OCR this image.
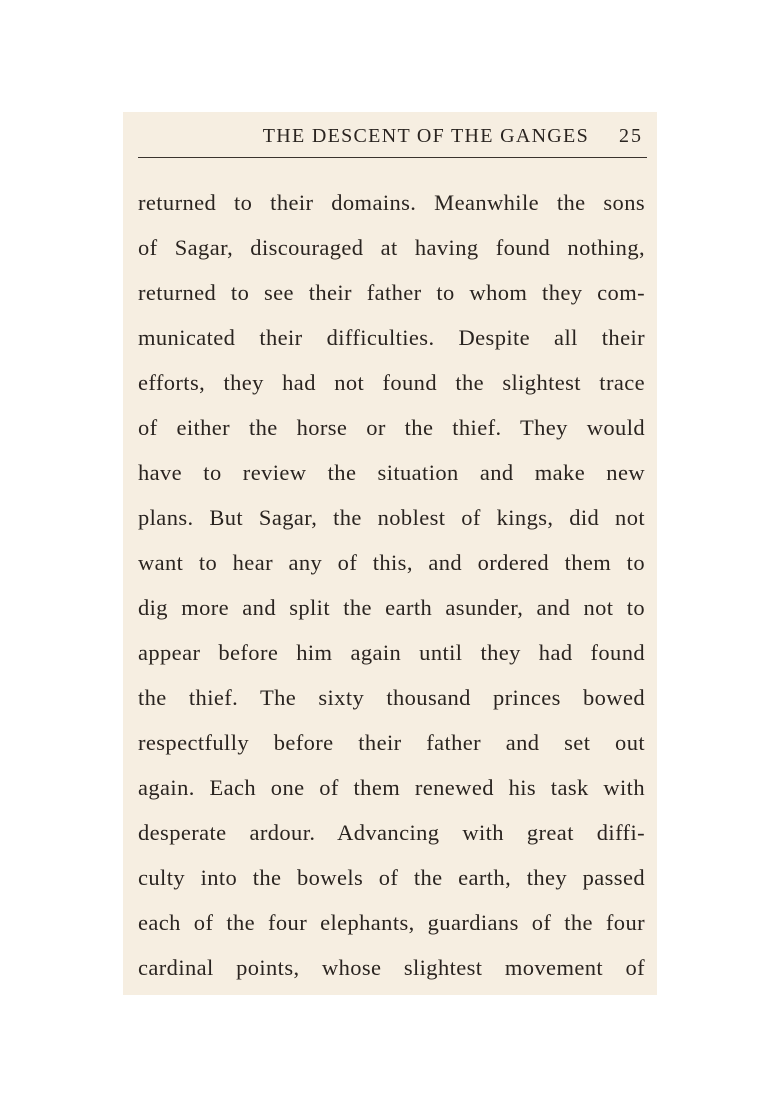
THE DESCENT OF THE GANGES 25
returned to their domains. Meanwhile the sons
of Sagar, discouraged at having found nothing,
returned to see their father to whom they com-
municated their difficulties. Despite all their
efforts, they had not found the slightest trace
of either the horse or the thief. They would
have to review the situation and make new
plans. But Sagar, the noblest of kings, did not
want to hear any of this, and ordered them to
dig more and split the earth asunder, and not to
appear before him again until they had found
the thief. The sixty thousand princes bowed
respectfully before their father and set out
again. Each one of them renewed his task with
desperate ardour. Advancing with great diffi-
culty into the bowels of the earth, they passed
each of the four elephants, guardians of the four
cardinal points, whose slightest movement of
